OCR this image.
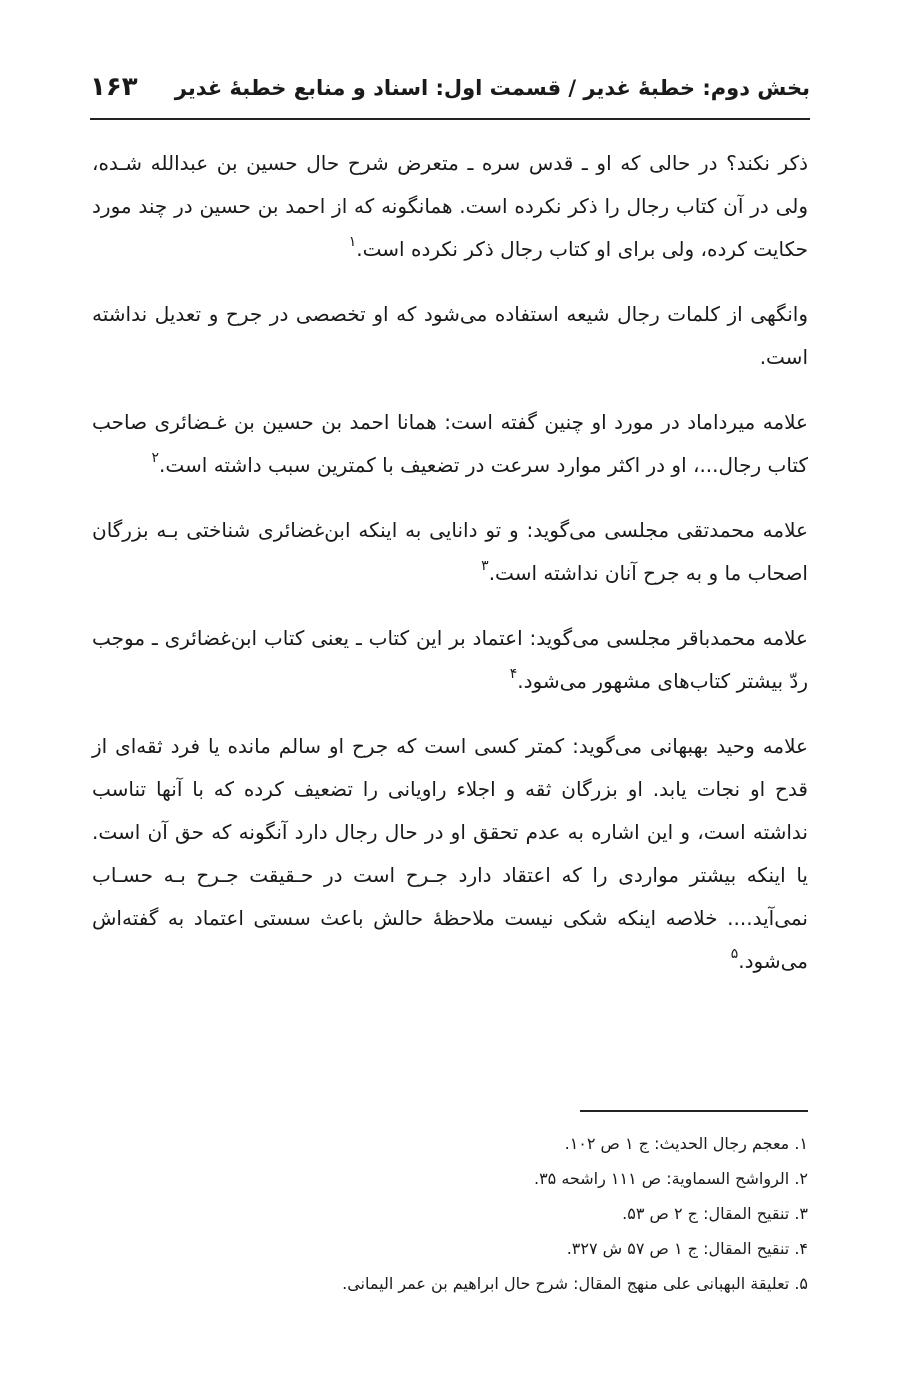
بخش دوم: خطبهٔ غدیر / قسمت اول: اسناد و منابع خطبهٔ غدیر
۱۶۳

ذکر نکند؟ در حالی که او ـ قدس سره ـ متعرض شرح حال حسین بن عبدالله شـده، ولی در آن کتاب رجال را ذکر نکرده است. همانگونه که از احمد بن حسین در چند مورد حکایت کرده، ولی برای او کتاب رجال ذکر نکرده است.$^۱$

وانگهی از کلمات رجال شیعه استفاده می‌شود که او تخصصی در جرح و تعدیل نداشته است.

علامه میرداماد در مورد او چنین گفته است: همانا احمد بن حسین بن غـضائری صاحب کتاب رجال...، او در اکثر موارد سرعت در تضعیف با کمترین سبب داشته است.$^۲$

علامه محمدتقی مجلسی می‌گوید: و تو دانایی به اینکه ابن‌غضائری شناختی بـه بزرگان اصحاب ما و به جرح آنان نداشته است.$^۳$

علامه محمدباقر مجلسی می‌گوید: اعتماد بر این کتاب ـ یعنی کتاب ابن‌غضائری ـ موجب ردّ بیشتر کتاب‌های مشهور می‌شود.$^۴$

علامه وحید بهبهانی می‌گوید: کمتر کسی است که جرح او سالم مانده یا فرد ثقه‌ای از قدح او نجات یابد. او بزرگان ثقه و اجلاء راویانی را تضعیف کرده که با آنها تناسب نداشته است، و این اشاره به عدم تحقق او در حال رجال دارد آنگونه که حق آن است. یا اینکه بیشتر مواردی را که اعتقاد دارد جـرح است در حـقیقت جـرح بـه حسـاب نمی‌آید.... خلاصه اینکه شکی نیست ملاحظهٔ حالش باعث سستی اعتماد به گفته‌اش می‌شود.$^۵$

۱. معجم رجال الحدیث: ج ۱ ص ۱۰۲.

۲. الرواشح السماویة: ص ۱۱۱ راشحه ۳۵.

۳. تنقیح المقال: ج ۲ ص ۵۳.

۴. تنقیح المقال: ج ۱ ص ۵۷ ش ۳۲۷.

۵. تعلیقة البهبانی علی منهج المقال: شرح حال ابراهیم بن عمر الیمانی.
